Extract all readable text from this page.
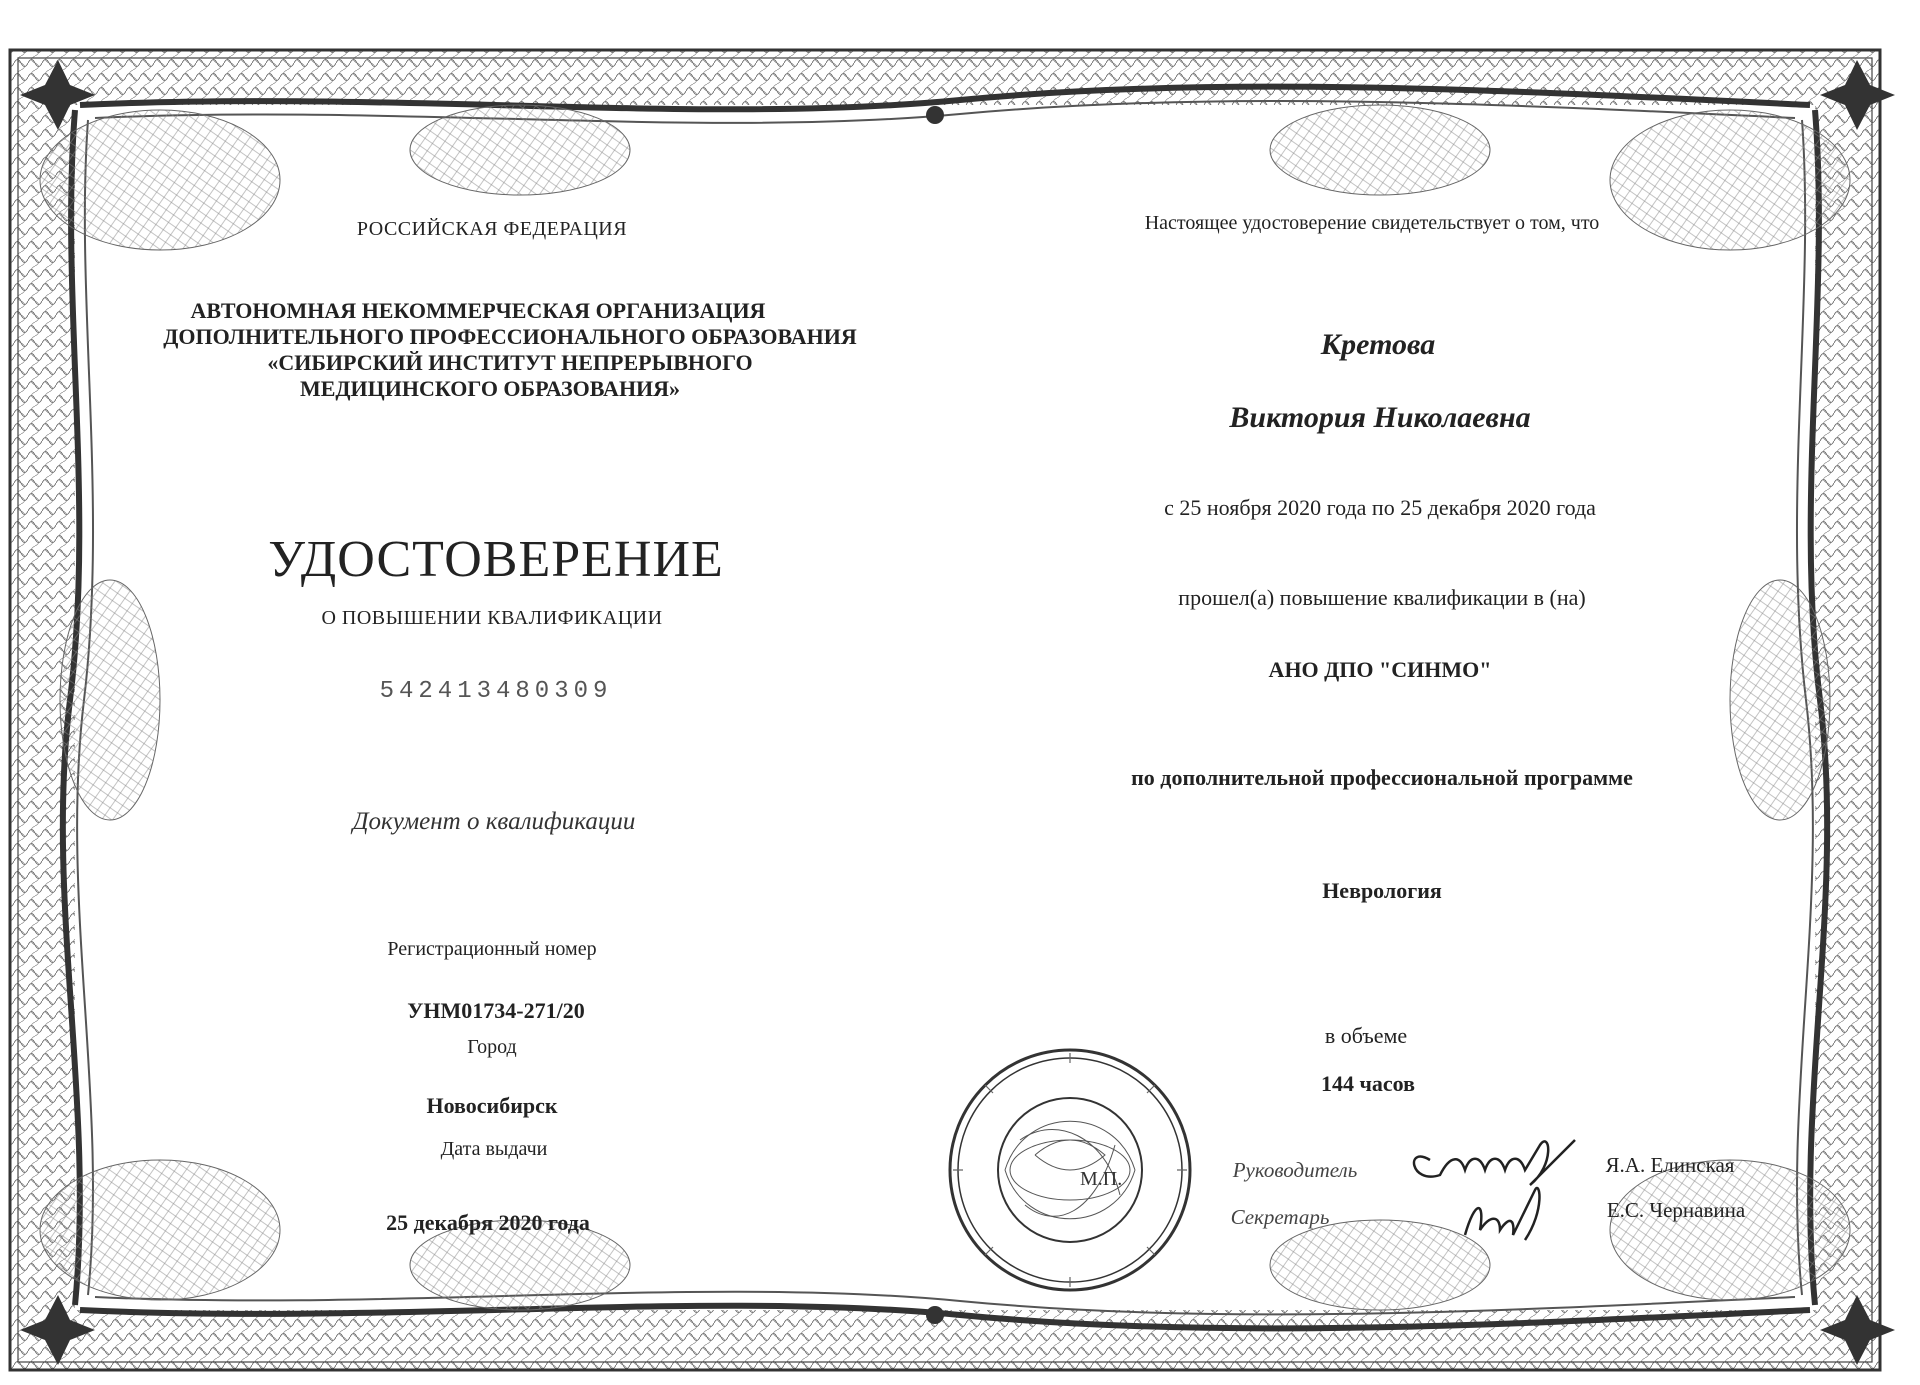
РОССИЙСКАЯ ФЕДЕРАЦИЯ
АВТОНОМНАЯ НЕКОММЕРЧЕСКАЯ ОРГАНИЗАЦИЯ
ДОПОЛНИТЕЛЬНОГО ПРОФЕССИОНАЛЬНОГО ОБРАЗОВАНИЯ
«СИБИРСКИЙ ИНСТИТУТ НЕПРЕРЫВНОГО
МЕДИЦИНСКОГО ОБРАЗОВАНИЯ»
УДОСТОВЕРЕНИЕ
О ПОВЫШЕНИИ КВАЛИФИКАЦИИ
542413480309
Документ о квалификации
Регистрационный номер
УНМ01734-271/20
Город
Новосибирск
Дата выдачи
25 декабря 2020 года
Настоящее удостоверение свидетельствует о том, что
Кретова
Виктория Николаевна
с 25 ноября 2020 года по 25 декабря 2020 года
прошел(а) повышение квалификации в (на)
АНО ДПО "СИНМО"
по дополнительной профессиональной программе
Неврология
в объеме
144 часов
Руководитель	Я.А. Елинская
Секретарь	Е.С. Чернавина
М.П.
